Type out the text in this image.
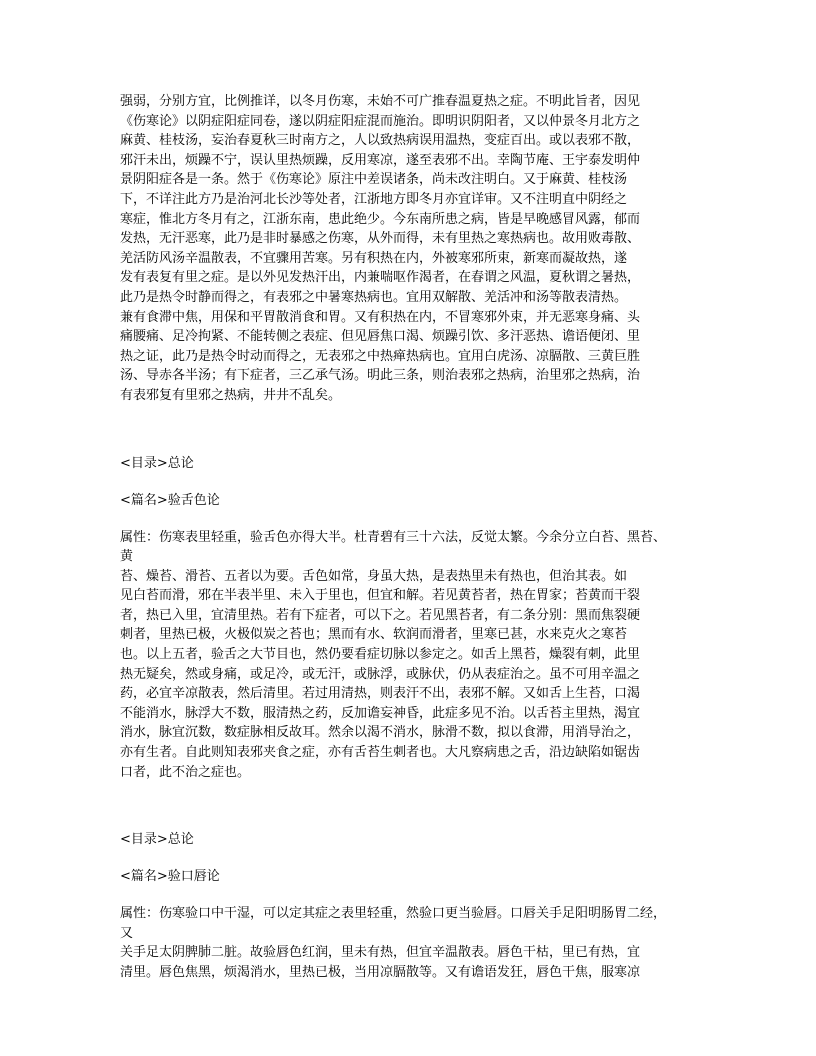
强弱，分别方宜，比例推详，以冬月伤寒，未始不可广推春温夏热之症。不明此旨者，因见
《伤寒论》以阴症阳症同卷，遂以阴症阳症混而施治。即明识阴阳者，又以仲景冬月北方之
麻黄、桂枝汤，妄治春夏秋三时南方之，人以致热病误用温热，变症百出。或以表邪不散，
邪汗未出，烦躁不宁，误认里热烦躁，反用寒凉，遂至表邪不出。幸陶节庵、王宇泰发明仲
景阴阳症各是一条。然于《伤寒论》原注中差误诸条，尚未改注明白。又于麻黄、桂枝汤
下，不详注此方乃是治河北长沙等处者，江浙地方即冬月亦宜详审。又不注明直中阴经之
寒症，惟北方冬月有之，江浙东南，患此绝少。今东南所患之病，皆是早晚感冒风露，郁而
发热，无汗恶寒，此乃是非时暴感之伤寒，从外而得，未有里热之寒热病也。故用败毒散、
羌活防风汤辛温散表，不宜骤用苦寒。另有积热在内，外被寒邪所束，新寒而凝故热，遂
发有表复有里之症。是以外见发热汗出，内兼喘呕作渴者，在春谓之风温，夏秋谓之暑热，
此乃是热令时静而得之，有表邪之中暑寒热病也。宜用双解散、羌活冲和汤等散表清热。
兼有食滞中焦，用保和平胃散消食和胃。又有积热在内，不冒寒邪外束，并无恶寒身痛、头
痛腰痛、足冷拘紧、不能转侧之表症、但见唇焦口渴、烦躁引饮、多汗恶热、谵语便闭、里
热之证，此乃是热令时动而得之，无表邪之中热瘅热病也。宜用白虎汤、凉膈散、三黄巨胜
汤、导赤各半汤；有下症者，三乙承气汤。明此三条，则治表邪之热病，治里邪之热病，治
有表邪复有里邪之热病，井井不乱矣。
<目录>总论
<篇名>验舌色论
属性：伤寒表里轻重，验舌色亦得大半。杜青碧有三十六法，反觉太繁。今余分立白苔、黑苔、
黄
苔、燥苔、滑苔、五者以为要。舌色如常，身虽大热，是表热里未有热也，但治其表。如
见白苔而滑，邪在半表半里、未入于里也，但宜和解。若见黄苔者，热在胃家；苔黄而干裂
者，热已入里，宜清里热。若有下症者，可以下之。若见黑苔者，有二条分别：黑而焦裂硬
刺者，里热已极，火极似炭之苔也；黑而有水、软润而滑者，里寒已甚，水来克火之寒苔
也。以上五者，验舌之大节目也，然仍要看症切脉以参定之。如舌上黑苔，燥裂有刺，此里
热无疑矣，然或身痛，或足冷，或无汗，或脉浮，或脉伏，仍从表症治之。虽不可用辛温之
药，必宜辛凉散表，然后清里。若过用清热，则表汗不出，表邪不解。又如舌上生苔，口渴
不能消水，脉浮大不数，服清热之药，反加谵妄神昏，此症多见不治。以舌苔主里热，渴宜
消水，脉宜沉数，数症脉相反故耳。然余以渴不消水，脉滑不数，拟以食滞，用消导治之，
亦有生者。自此则知表邪夹食之症，亦有舌苔生刺者也。大凡察病患之舌，沿边缺陷如锯齿
口者，此不治之症也。
<目录>总论
<篇名>验口唇论
属性：伤寒验口中干湿，可以定其症之表里轻重，然验口更当验唇。口唇关手足阳明肠胃二经，
又
关手足太阴脾肺二脏。故验唇色红润，里未有热，但宜辛温散表。唇色干枯，里已有热，宜
清里。唇色焦黑，烦渴消水，里热已极，当用凉膈散等。又有谵语发狂，唇色干焦，服寒凉
